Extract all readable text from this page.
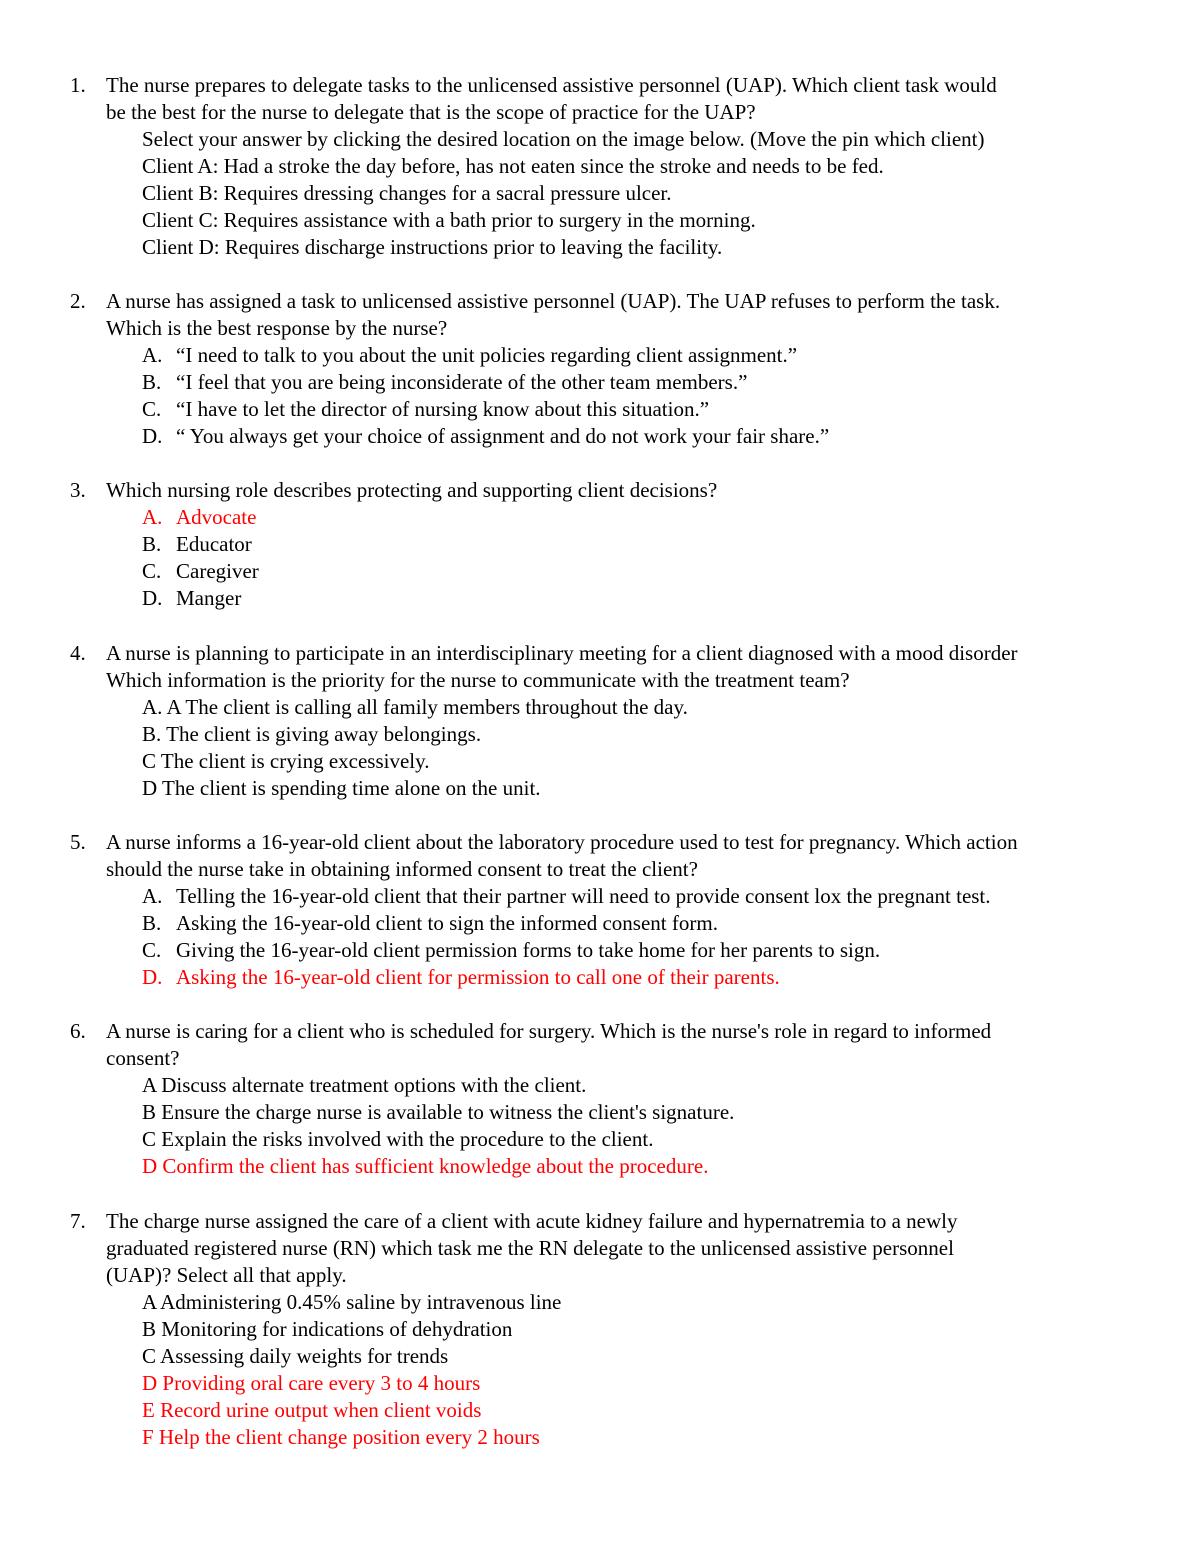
1. The nurse prepares to delegate tasks to the unlicensed assistive personnel (UAP). Which client task would
be the best for the nurse to delegate that is the scope of practice for the UAP?
Select your answer by clicking the desired location on the image below. (Move the pin which client)
Client A: Had a stroke the day before, has not eaten since the stroke and needs to be fed.
Client B: Requires dressing changes for a sacral pressure ulcer.
Client C: Requires assistance with a bath prior to surgery in the morning.
Client D: Requires discharge instructions prior to leaving the facility.
2. A nurse has assigned a task to unlicensed assistive personnel (UAP). The UAP refuses to perform the task.
Which is the best response by the nurse?
A. “I need to talk to you about the unit policies regarding client assignment.”
B. “I feel that you are being inconsiderate of the other team members.”
C. “I have to let the director of nursing know about this situation.”
D. “ You always get your choice of assignment and do not work your fair share.”
3. Which nursing role describes protecting and supporting client decisions?
A. Advocate
B. Educator
C. Caregiver
D. Manger
4. A nurse is planning to participate in an interdisciplinary meeting for a client diagnosed with a mood disorder
Which information is the priority for the nurse to communicate with the treatment team?
A. A The client is calling all family members throughout the day.
B. The client is giving away belongings.
C The client is crying excessively.
D The client is spending time alone on the unit.
5. A nurse informs a 16-year-old client about the laboratory procedure used to test for pregnancy. Which action
should the nurse take in obtaining informed consent to treat the client?
A. Telling the 16-year-old client that their partner will need to provide consent lox the pregnant test.
B. Asking the 16-year-old client to sign the informed consent form.
C. Giving the 16-year-old client permission forms to take home for her parents to sign.
D. Asking the 16-year-old client for permission to call one of their parents.
6. A nurse is caring for a client who is scheduled for surgery. Which is the nurse's role in regard to informed
consent?
A Discuss alternate treatment options with the client.
B Ensure the charge nurse is available to witness the client's signature.
C Explain the risks involved with the procedure to the client.
D Confirm the client has sufficient knowledge about the procedure.
7. The charge nurse assigned the care of a client with acute kidney failure and hypernatremia to a newly
graduated registered nurse (RN) which task me the RN delegate to the unlicensed assistive personnel
(UAP)? Select all that apply.
A Administering 0.45% saline by intravenous line
B Monitoring for indications of dehydration
C Assessing daily weights for trends
D Providing oral care every 3 to 4 hours
E Record urine output when client voids
F Help the client change position every 2 hours
